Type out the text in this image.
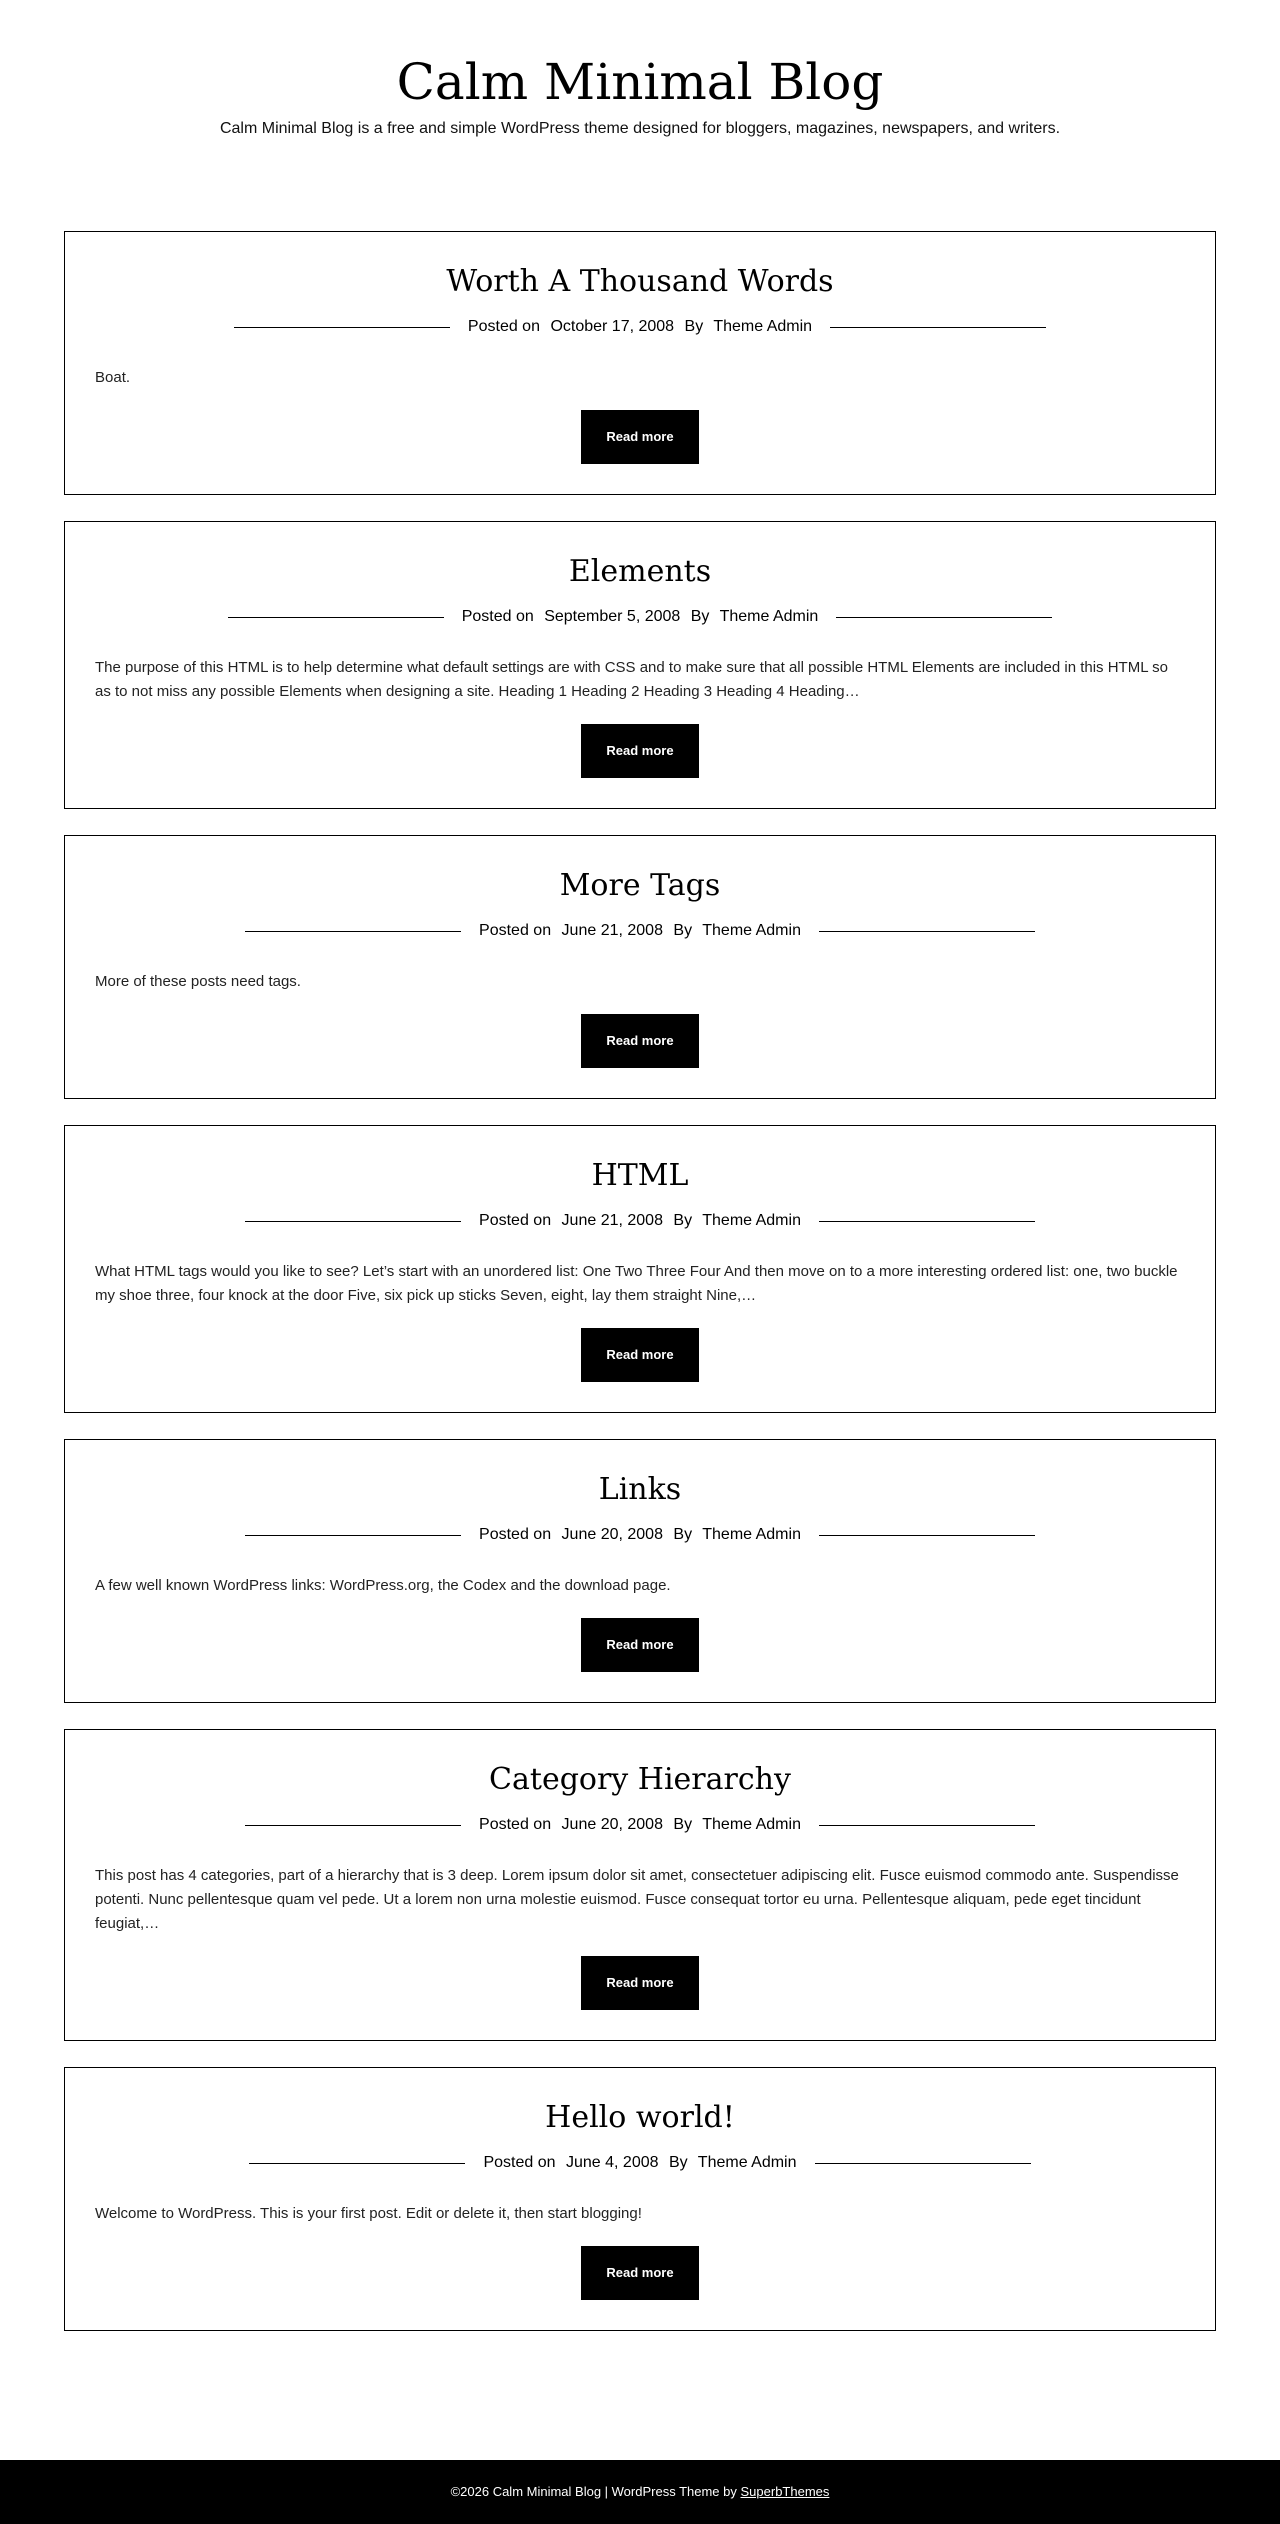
Calm Minimal Blog

Calm Minimal Blog is a free and simple WordPress theme designed for bloggers, magazines, newspapers, and writers.

Worth A Thousand Words
Posted on October 17, 2008 By Theme Admin

Boat.

Read more
Elements
Posted on September 5, 2008 By Theme Admin

The purpose of this HTML is to help determine what default settings are with CSS and to make sure that all possible HTML Elements are included in this HTML so as to not miss any possible Elements when designing a site. Heading 1 Heading 2 Heading 3 Heading 4 Heading…

Read more
More Tags
Posted on June 21, 2008 By Theme Admin

More of these posts need tags.

Read more
HTML
Posted on June 21, 2008 By Theme Admin

What HTML tags would you like to see? Let’s start with an unordered list: One Two Three Four And then move on to a more interesting ordered list: one, two buckle my shoe three, four knock at the door Five, six pick up sticks Seven, eight, lay them straight Nine,…

Read more
Links
Posted on June 20, 2008 By Theme Admin

A few well known WordPress links: WordPress.org, the Codex and the download page.

Read more
Category Hierarchy
Posted on June 20, 2008 By Theme Admin

This post has 4 categories, part of a hierarchy that is 3 deep. Lorem ipsum dolor sit amet, consectetuer adipiscing elit. Fusce euismod commodo ante. Suspendisse potenti. Nunc pellentesque quam vel pede. Ut a lorem non urna molestie euismod. Fusce consequat tortor eu urna. Pellentesque aliquam, pede eget tincidunt feugiat,…

Read more
Hello world!
Posted on June 4, 2008 By Theme Admin

Welcome to WordPress. This is your first post. Edit or delete it, then start blogging!

Read more
©2026 Calm Minimal Blog | WordPress Theme by SuperbThemes
